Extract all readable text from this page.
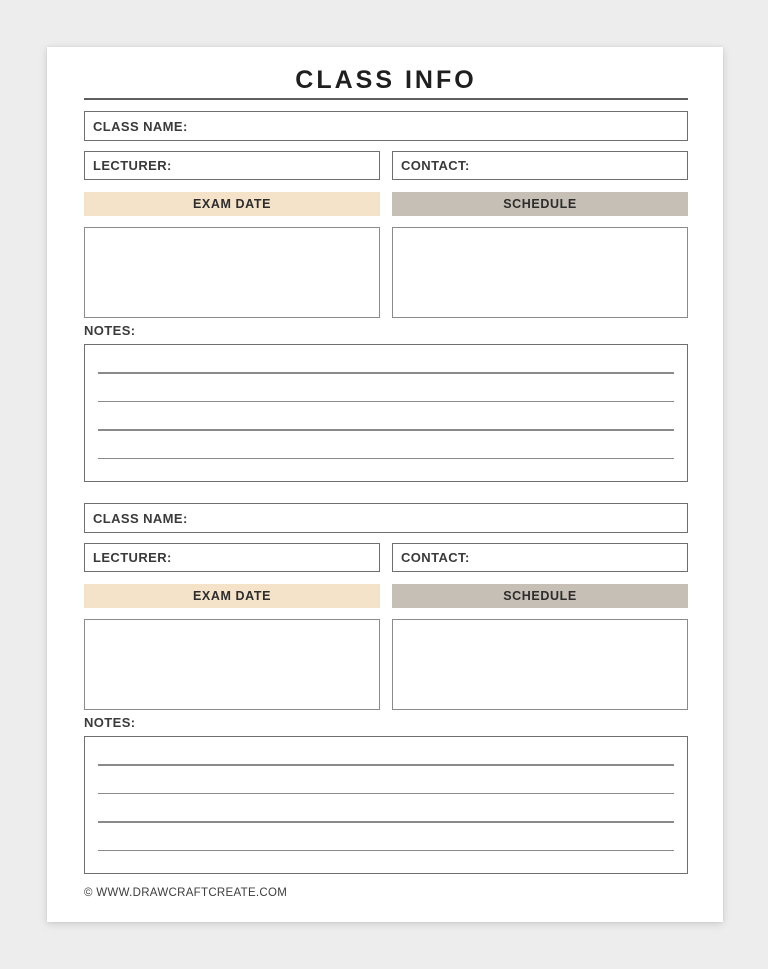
CLASS INFO
CLASS NAME:
LECTURER:	CONTACT:
EXAM DATE	SCHEDULE
NOTES:
CLASS NAME:
LECTURER:	CONTACT:
EXAM DATE	SCHEDULE
NOTES:
© WWW.DRAWCRAFTCREATE.COM
